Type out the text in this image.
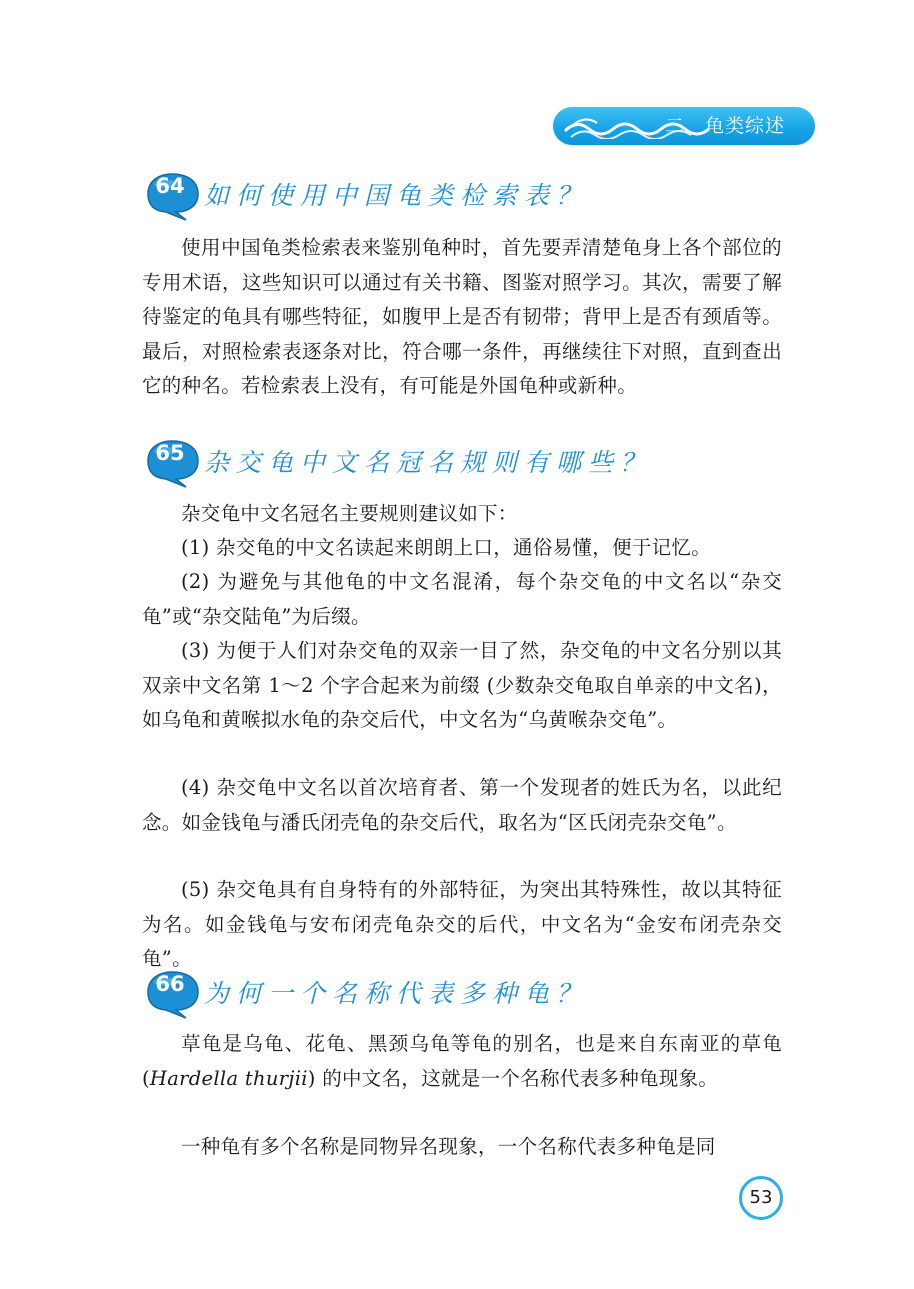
二、龟类综述
64 如何使用中国龟类检索表？

使用中国龟类检索表来鉴别龟种时，首先要弄清楚龟身上各个部位的专用术语，这些知识可以通过有关书籍、图鉴对照学习。其次，需要了解待鉴定的龟具有哪些特征，如腹甲上是否有韧带；背甲上是否有颈盾等。最后，对照检索表逐条对比，符合哪一条件，再继续往下对照，直到查出它的种名。若检索表上没有，有可能是外国龟种或新种。

65 杂交龟中文名冠名规则有哪些？

杂交龟中文名冠名主要规则建议如下：

(1) 杂交龟的中文名读起来朗朗上口，通俗易懂，便于记忆。

(2) 为避免与其他龟的中文名混淆，每个杂交龟的中文名以“杂交龟”或“杂交陆龟”为后缀。

(3) 为便于人们对杂交龟的双亲一目了然，杂交龟的中文名分别以其双亲中文名第 1～2 个字合起来为前缀 (少数杂交龟取自单亲的中文名)，如乌龟和黄喉拟水龟的杂交后代，中文名为“乌黄喉杂交龟”。

(4) 杂交龟中文名以首次培育者、第一个发现者的姓氏为名，以此纪念。如金钱龟与潘氏闭壳龟的杂交后代，取名为“区氏闭壳杂交龟”。

(5) 杂交龟具有自身特有的外部特征，为突出其特殊性，故以其特征为名。如金钱龟与安布闭壳龟杂交的后代，中文名为“金安布闭壳杂交龟”。

66 为何一个名称代表多种龟？

草龟是乌龟、花龟、黑颈乌龟等龟的别名，也是来自东南亚的草龟 (Hardella thurjii) 的中文名，这就是一个名称代表多种龟现象。

一种龟有多个名称是同物异名现象，一个名称代表多种龟是同

53
